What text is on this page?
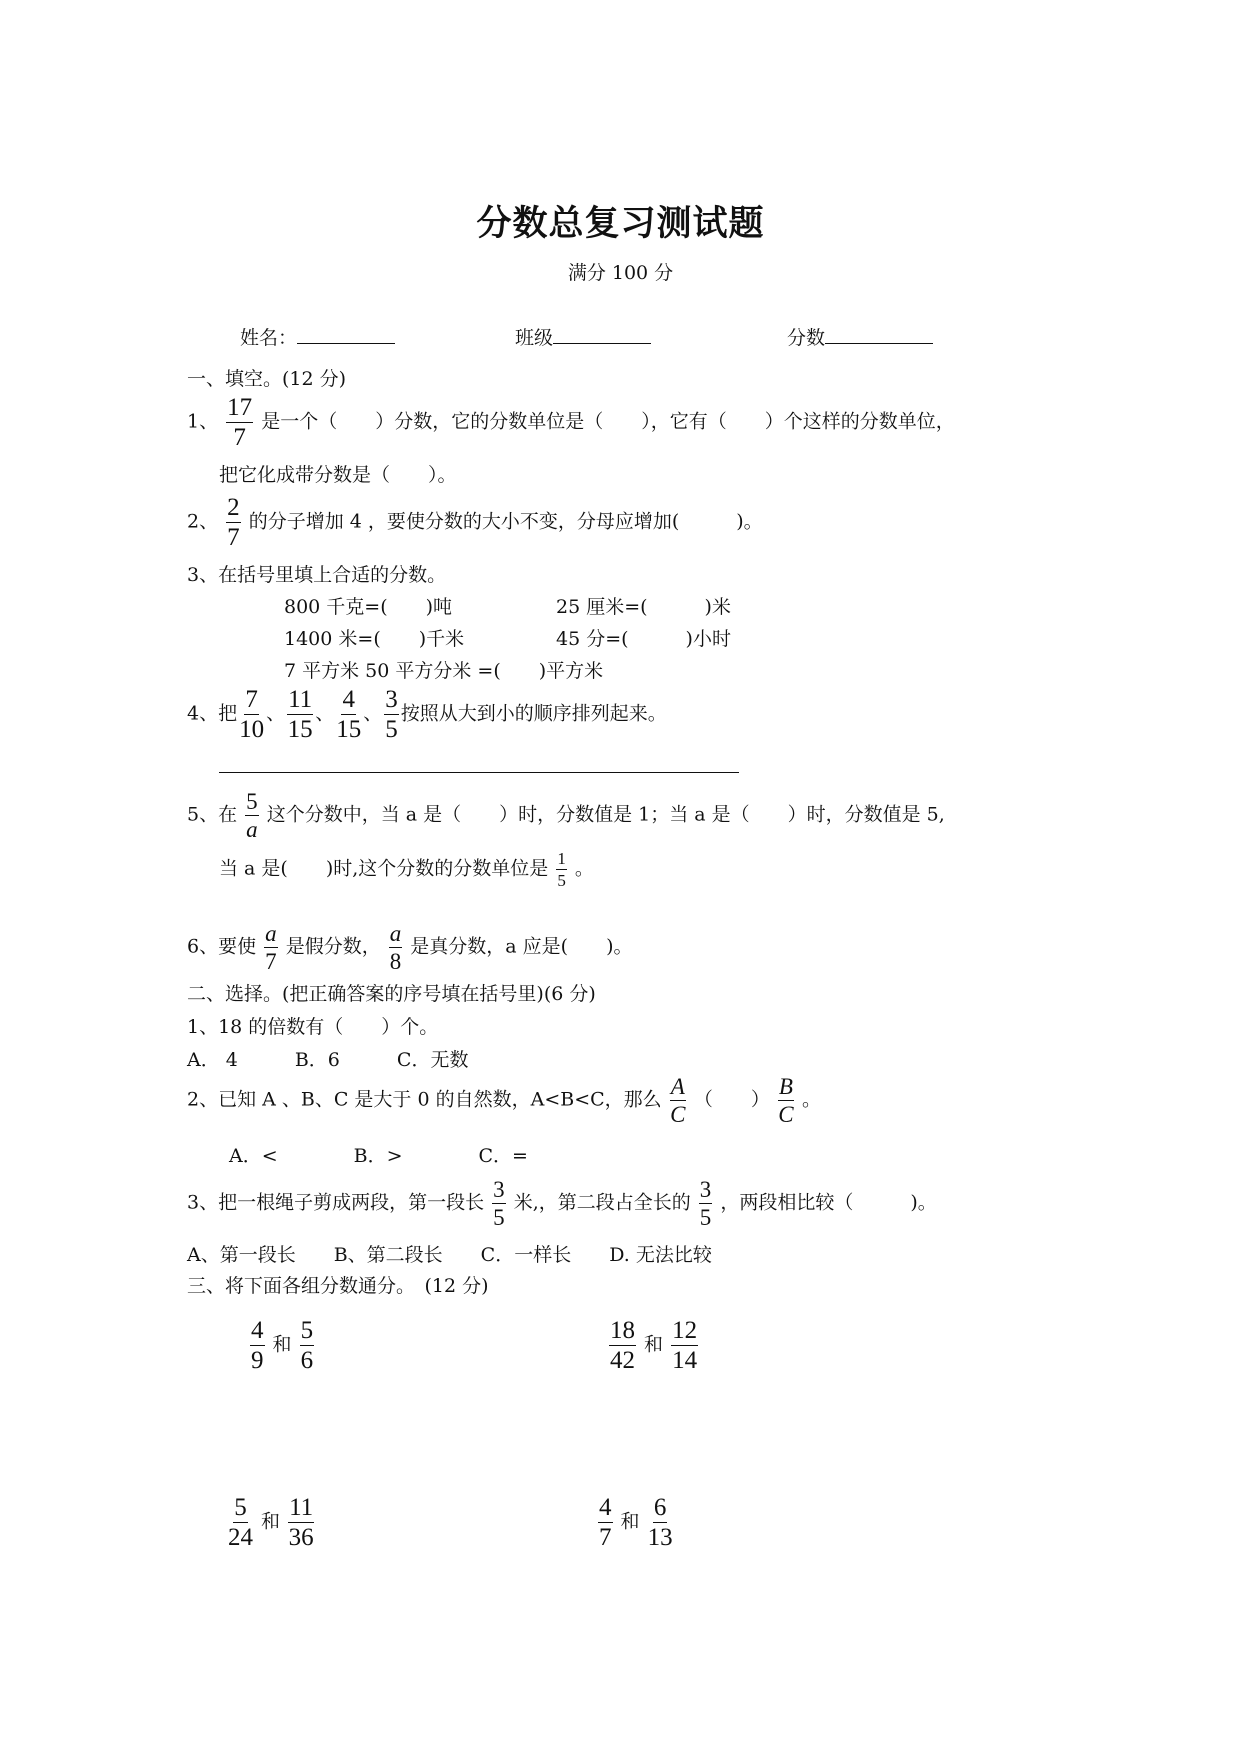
分数总复习测试题
满分 100 分
姓名：	班级	分数
一、填空。(12 分)
1、 $\frac{17}{7}$ 是一个（　　）分数，它的分数单位是（　　），它有（　　）个这样的分数单位，
把它化成带分数是（　　）。
2、 $\frac{2}{7}$ 的分子增加 4 ，要使分数的大小不变，分母应增加(　　　)。
3、在括号里填上合适的分数。
800 千克=(　　)吨	25 厘米=(　　　)米
1400 米=(　　)千米	45 分=(　　　)小时
7 平方米 50 平方分米 =(　　)平方米
4、把 $\frac{7}{10}$ 、 $\frac{11}{15}$ 、 $\frac{4}{15}$ 、 $\frac{3}{5}$ 按照从大到小的顺序排列起来。
5、在 $\frac{5}{a}$ 这个分数中，当 a 是（　　）时，分数值是 1；当 a 是（　　）时，分数值是 5,
当 a 是(　　)时,这个分数的分数单位是 $\frac{1}{5}$ 。
6、要使 $\frac{a}{7}$ 是假分数， $\frac{a}{8}$ 是真分数，a 应是(　　)。
二、选择。(把正确答案的序号填在括号里)(6 分)
1、18 的倍数有（　　）个。
A． 4　　　B．6　　　C．无数
2、已知 A 、B、C 是大于 0 的自然数，A<B<C，那么 $\frac{A}{C}$ （　　） $\frac{B}{C}$ 。
A．<　　　　B．>　　　　C．=
3、把一根绳子剪成两段，第一段长 $\frac{3}{5}$ 米,，第二段占全长的 $\frac{3}{5}$ ，两段相比较（　　　)。
A、第一段长　　B、第二段长　　C．一样长　　D. 无法比较
三、将下面各组分数通分。　(12 分)
$\frac{4}{9}$ 和 $\frac{5}{6}$	$\frac{18}{42}$ 和 $\frac{12}{14}$
$\frac{5}{24}$ 和 $\frac{11}{36}$	$\frac{4}{7}$ 和 $\frac{6}{13}$
